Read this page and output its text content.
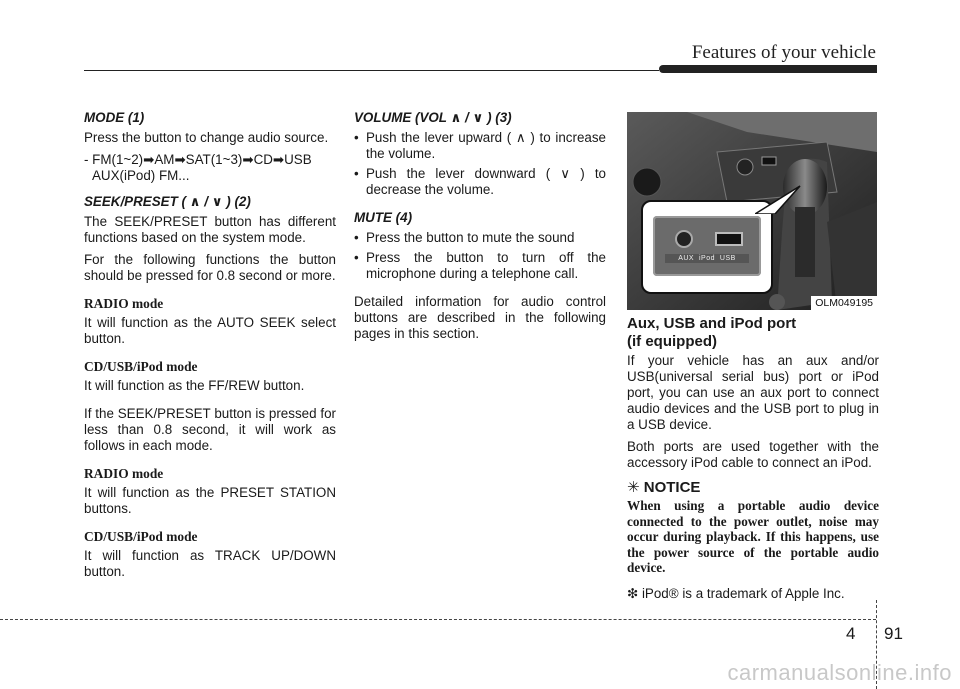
Features of your vehicle
MODE (1)

Press the button to change audio source.

- FM(1~2)➡AM➡SAT(1~3)➡CD➡USB
AUX(iPod) FM...

SEEK/PRESET ( ∧ / ∨ ) (2)

The SEEK/PRESET button has different functions based on the system mode.

For the following functions the button should be pressed for 0.8 second or more.

RADIO mode

It will function as the AUTO SEEK select button.

CD/USB/iPod mode

It will function as the FF/REW button.

If the SEEK/PRESET button is pressed for less than 0.8 second, it will work as follows in each mode.

RADIO mode

It will function as the PRESET STATION buttons.

CD/USB/iPod mode

It will function as TRACK UP/DOWN button.

VOLUME (VOL ∧ / ∨ ) (3)
• Push the lever upward ( ∧ ) to increase the volume.
• Push the lever downward ( ∨ ) to decrease the volume.
MUTE (4)
• Press the button to mute the sound
• Press the button to turn off the microphone during a telephone call.

Detailed information for audio control buttons are described in the following pages in this section.

AUX  iPod  USB
OLM049195
Aux, USB and iPod port
(if equipped)

If your vehicle has an aux and/or USB(universal serial bus) port or iPod port, you can use an aux port to connect audio devices and the USB port to plug in a USB device.

Both ports are used together with the accessory iPod cable to connect an iPod.

✳ NOTICE
When using a portable audio device connected to the power outlet, noise may occur during playback. If this happens, use the power source of the portable audio device.
❇ iPod® is a trademark of Apple Inc.
4 91
carmanualsonline.info
